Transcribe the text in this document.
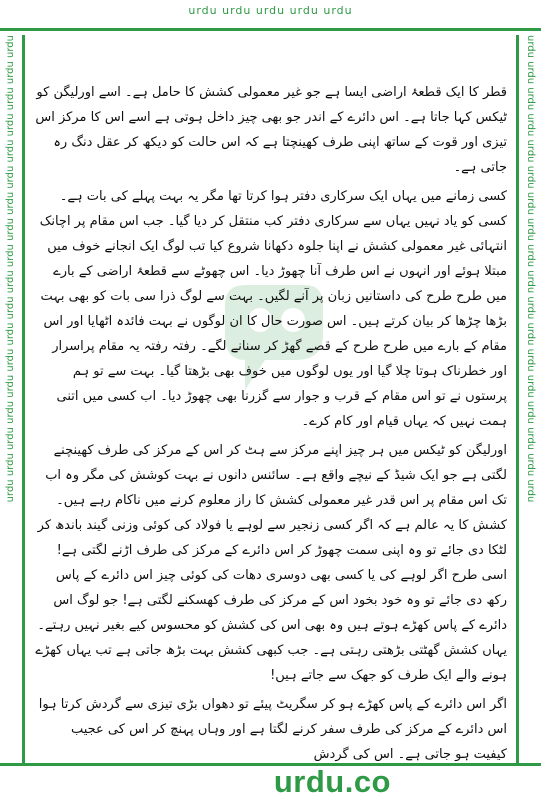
urdu urdu urdu urdu urdu
urdu urdu urdu urdu urdu urdu urdu urdu urdu urdu urdu urdu urdu urdu urdu urdu urdu urdu	urdu urdu urdu urdu urdu urdu urdu urdu urdu urdu urdu urdu urdu urdu urdu urdu urdu urdu

قطر کا ایک قطعۂ اراضی ایسا ہے جو غیر معمولی کشش کا حامل ہے۔ اسے اورلیگن کو ٹیکس کہا جاتا ہے۔ اس دائرے کے اندر جو بھی چیز داخل ہوتی ہے اسے اس کا مرکز اس تیزی اور قوت کے ساتھ اپنی طرف کھینچتا ہے کہ اس حالت کو دیکھ کر عقل دنگ رہ جاتی ہے۔

کسی زمانے میں یہاں ایک سرکاری دفتر ہوا کرتا تھا مگر یہ بہت پہلے کی بات ہے۔ کسی کو یاد نہیں یہاں سے سرکاری دفتر کب منتقل کر دیا گیا۔ جب اس مقام پر اچانک انتہائی غیر معمولی کشش نے اپنا جلوہ دکھانا شروع کیا تب لوگ ایک انجانے خوف میں مبتلا ہوئے اور انہوں نے اس طرف آنا چھوڑ دیا۔ اس چھوٹے سے قطعۂ اراضی کے بارے میں طرح طرح کی داستانیں زبان پر آنے لگیں۔ بہت سے لوگ ذرا سی بات کو بھی بہت بڑھا چڑھا کر بیان کرتے ہیں۔ اس صورت حال کا ان لوگوں نے بہت فائدہ اٹھایا اور اس مقام کے بارے میں طرح طرح کے قصے گھڑ کر سنانے لگے۔ رفتہ رفتہ یہ مقام پراسرار اور خطرناک ہوتا چلا گیا اور یوں لوگوں میں خوف بھی بڑھتا گیا۔ بہت سے تو ہم پرستوں نے تو اس مقام کے قرب و جوار سے گزرنا بھی چھوڑ دیا۔ اب کسی میں اتنی ہمت نہیں کہ یہاں قیام اور کام کرے۔

اورلیگن کو ٹیکس میں ہر چیز اپنے مرکز سے ہٹ کر اس کے مرکز کی طرف کھینچنے لگتی ہے جو ایک شیڈ کے نیچے واقع ہے۔ سائنس دانوں نے بہت کوشش کی مگر وہ اب تک اس مقام پر اس قدر غیر معمولی کشش کا راز معلوم کرنے میں ناکام رہے ہیں۔ کشش کا یہ عالم ہے کہ اگر کسی زنجیر سے لوہے یا فولاد کی کوئی وزنی گیند باندھ کر لٹکا دی جائے تو وہ اپنی سمت چھوڑ کر اس دائرے کے مرکز کی طرف اڑنے لگتی ہے! اسی طرح اگر لوہے کی یا کسی بھی دوسری دھات کی کوئی چیز اس دائرے کے پاس رکھ دی جائے تو وہ خود بخود اس کے مرکز کی طرف کھسکنے لگتی ہے! جو لوگ اس دائرے کے پاس کھڑے ہوتے ہیں وہ بھی اس کی کشش کو محسوس کیے بغیر نہیں رہتے۔ یہاں کشش گھٹتی بڑھتی رہتی ہے۔ جب کبھی کشش بہت بڑھ جاتی ہے تب یہاں کھڑے ہونے والے ایک طرف کو جھک سے جاتے ہیں!

اگر اس دائرے کے پاس کھڑے ہو کر سگریٹ پیئے تو دھواں بڑی تیزی سے گردش کرتا ہوا اس دائرے کے مرکز کی طرف سفر کرنے لگتا ہے اور وہاں پہنچ کر اس کی عجیب کیفیت ہو جاتی ہے۔ اس کی گردش

urdu.co
